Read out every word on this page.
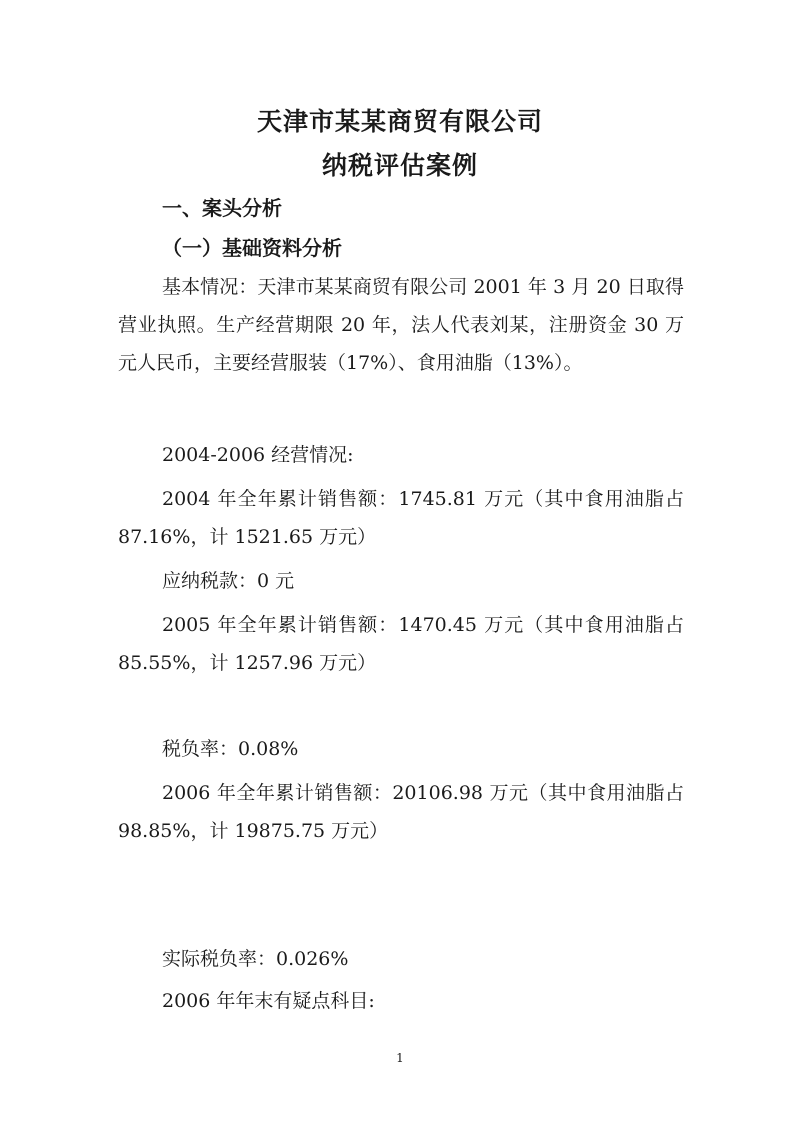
天津市某某商贸有限公司
纳税评估案例
一、案头分析
（一）基础资料分析

基本情况：天津市某某商贸有限公司 2001 年 3 月 20 日取得营业执照。生产经营期限 20 年，法人代表刘某，注册资金 30 万元人民币，主要经营服装（17%）、食用油脂（13%）。

2004-2006 经营情况:

2004 年全年累计销售额：1745.81 万元（其中食用油脂占 87.16%，计 1521.65 万元）

应纳税款：0 元

2005 年全年累计销售额：1470.45 万元（其中食用油脂占 85.55%，计 1257.96 万元）

税负率：0.08%

2006 年全年累计销售额：20106.98 万元（其中食用油脂占 98.85%，计 19875.75 万元）

实际税负率：0.026%

2006 年年末有疑点科目:

1
